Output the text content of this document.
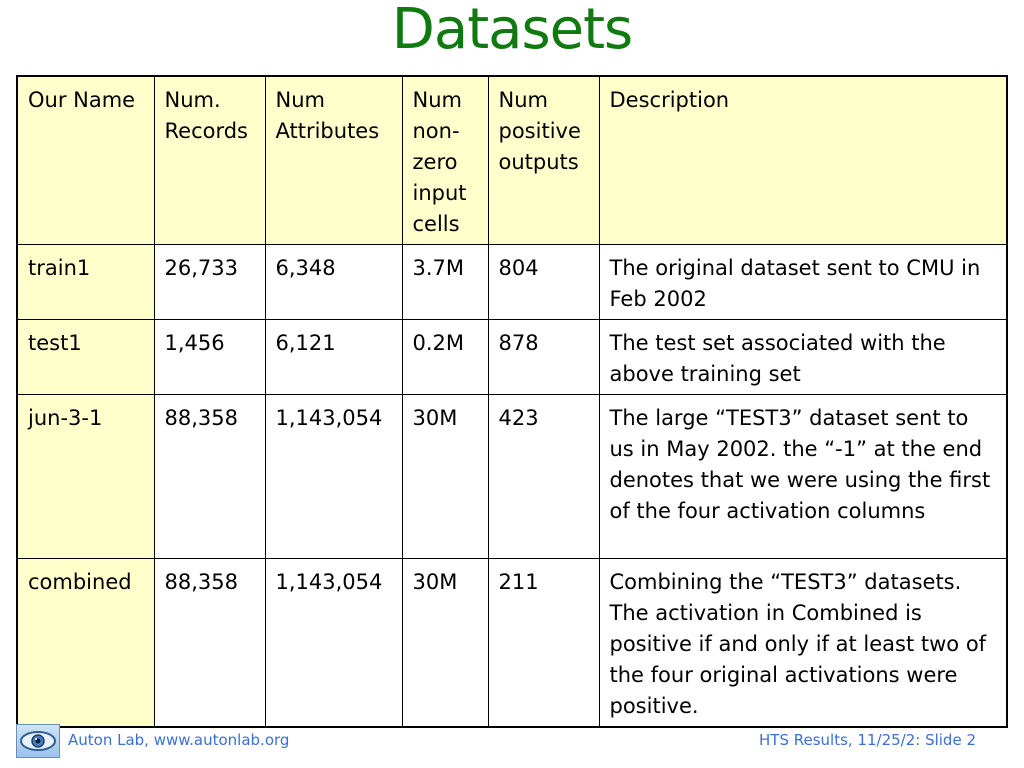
Datasets
Our Name	Num. Records	Num Attributes	Num non-zero input cells	Num positive outputs	Description
train1	26,733	6,348	3.7M	804	The original dataset sent to CMU in Feb 2002
test1	1,456	6,121	0.2M	878	The test set associated with the above training set
jun-3-1	88,358	1,143,054	30M	423	The large “TEST3” dataset sent to us in May 2002. the “-1” at the end denotes that we were using the first of the four activation columns
combined	88,358	1,143,054	30M	211	Combining the “TEST3” datasets. The activation in Combined is positive if and only if at least two of the four original activations were positive.
Auton Lab, www.autonlab.org	HTS Results, 11/25/2: Slide 2
